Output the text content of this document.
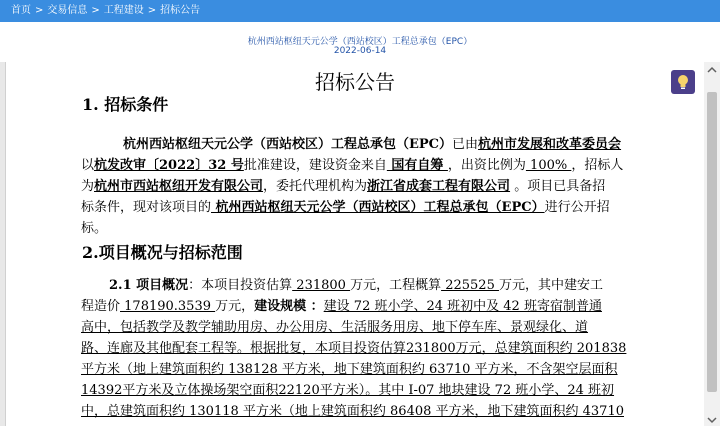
首页 > 交易信息 > 工程建设 > 招标公告
杭州西站枢纽天元公学（西站校区）工程总承包（EPC）
2022-06-14
招标公告
1. 招标条件
杭州西站枢纽天元公学（西站校区）工程总承包（EPC）已由杭州市发展和改革委员会
以杭发改审〔2022〕32 号批准建设，建设资金来自 国有自筹 ，出资比例为 100% ，招标人
为杭州市西站枢纽开发有限公司，委托代理机构为浙江省成套工程有限公司 。项目已具备招
标条件，现对该项目的 杭州西站枢纽天元公学（西站校区）工程总承包（EPC）进行公开招
标。
2.项目概况与招标范围
2.1 项目概况：本项目投资估算 231800 万元，工程概算 225525 万元，其中建安工
程造价 178190.3539 万元，建设规模 ：建设 72 班小学、24 班初中及 42 班寄宿制普通
高中，包括教学及教学辅助用房、办公用房、生活服务用房、地下停车库、景观绿化、道
路、连廊及其他配套工程等。根据批复，本项目投资估算231800万元，总建筑面积约 201838
平方米（地上建筑面积约 138128 平方米，地下建筑面积约 63710 平方米，不含架空层面积
14392平方米及立体操场架空面积22120平方米）。其中 I-07 地块建设 72 班小学、24 班初
中，总建筑面积约 130118 平方米（地上建筑面积约 86408 平方米，地下建筑面积约 43710
